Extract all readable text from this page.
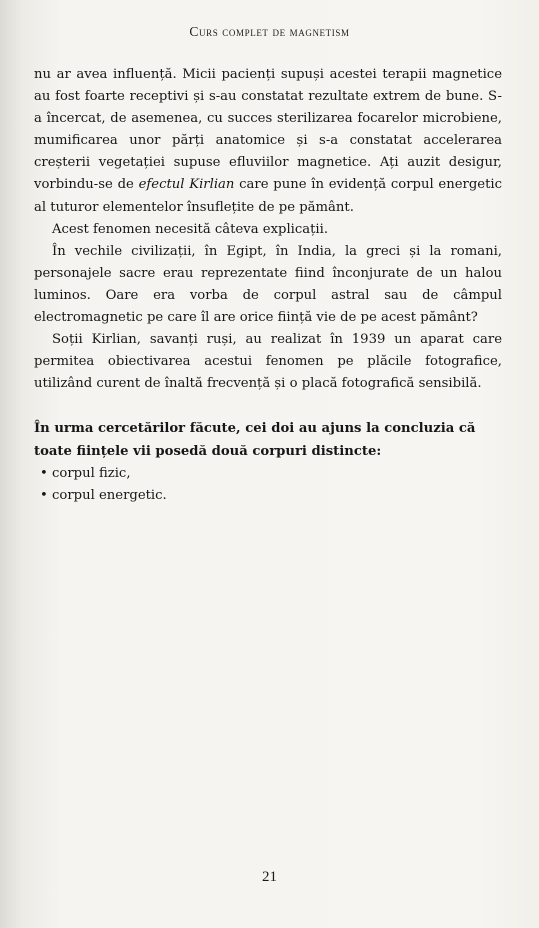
Curs complet de magnetism

nu ar avea influență. Micii pacienți supuși acestei terapii magnetice au fost foarte receptivi și s-au constatat rezultate extrem de bune. S-a încercat, de asemenea, cu succes sterilizarea focarelor microbiene, mumificarea unor părți anatomice și s-a constatat accelerarea creșterii vegetației supuse efluviilor magnetice. Ați auzit desigur, vorbindu-se de efectul Kirlian care pune în evidență corpul energetic al tuturor elementelor însuflețite de pe pământ.

Acest fenomen necesită câteva explicații.

În vechile civilizații, în Egipt, în India, la greci și la romani, personajele sacre erau reprezentate fiind înconjurate de un halou luminos. Oare era vorba de corpul astral sau de câmpul electromagnetic pe care îl are orice ființă vie de pe acest pământ?

Soții Kirlian, savanți ruși, au realizat în 1939 un aparat care permitea obiectivarea acestui fenomen pe plăcile fotografice, utilizând curent de înaltă frecvență și o placă fotografică sensibilă.

În urma cercetărilor făcute, cei doi au ajuns la concluzia că toate ființele vii posedă două corpuri distincte:

• corpul fizic,
• corpul energetic.
21
